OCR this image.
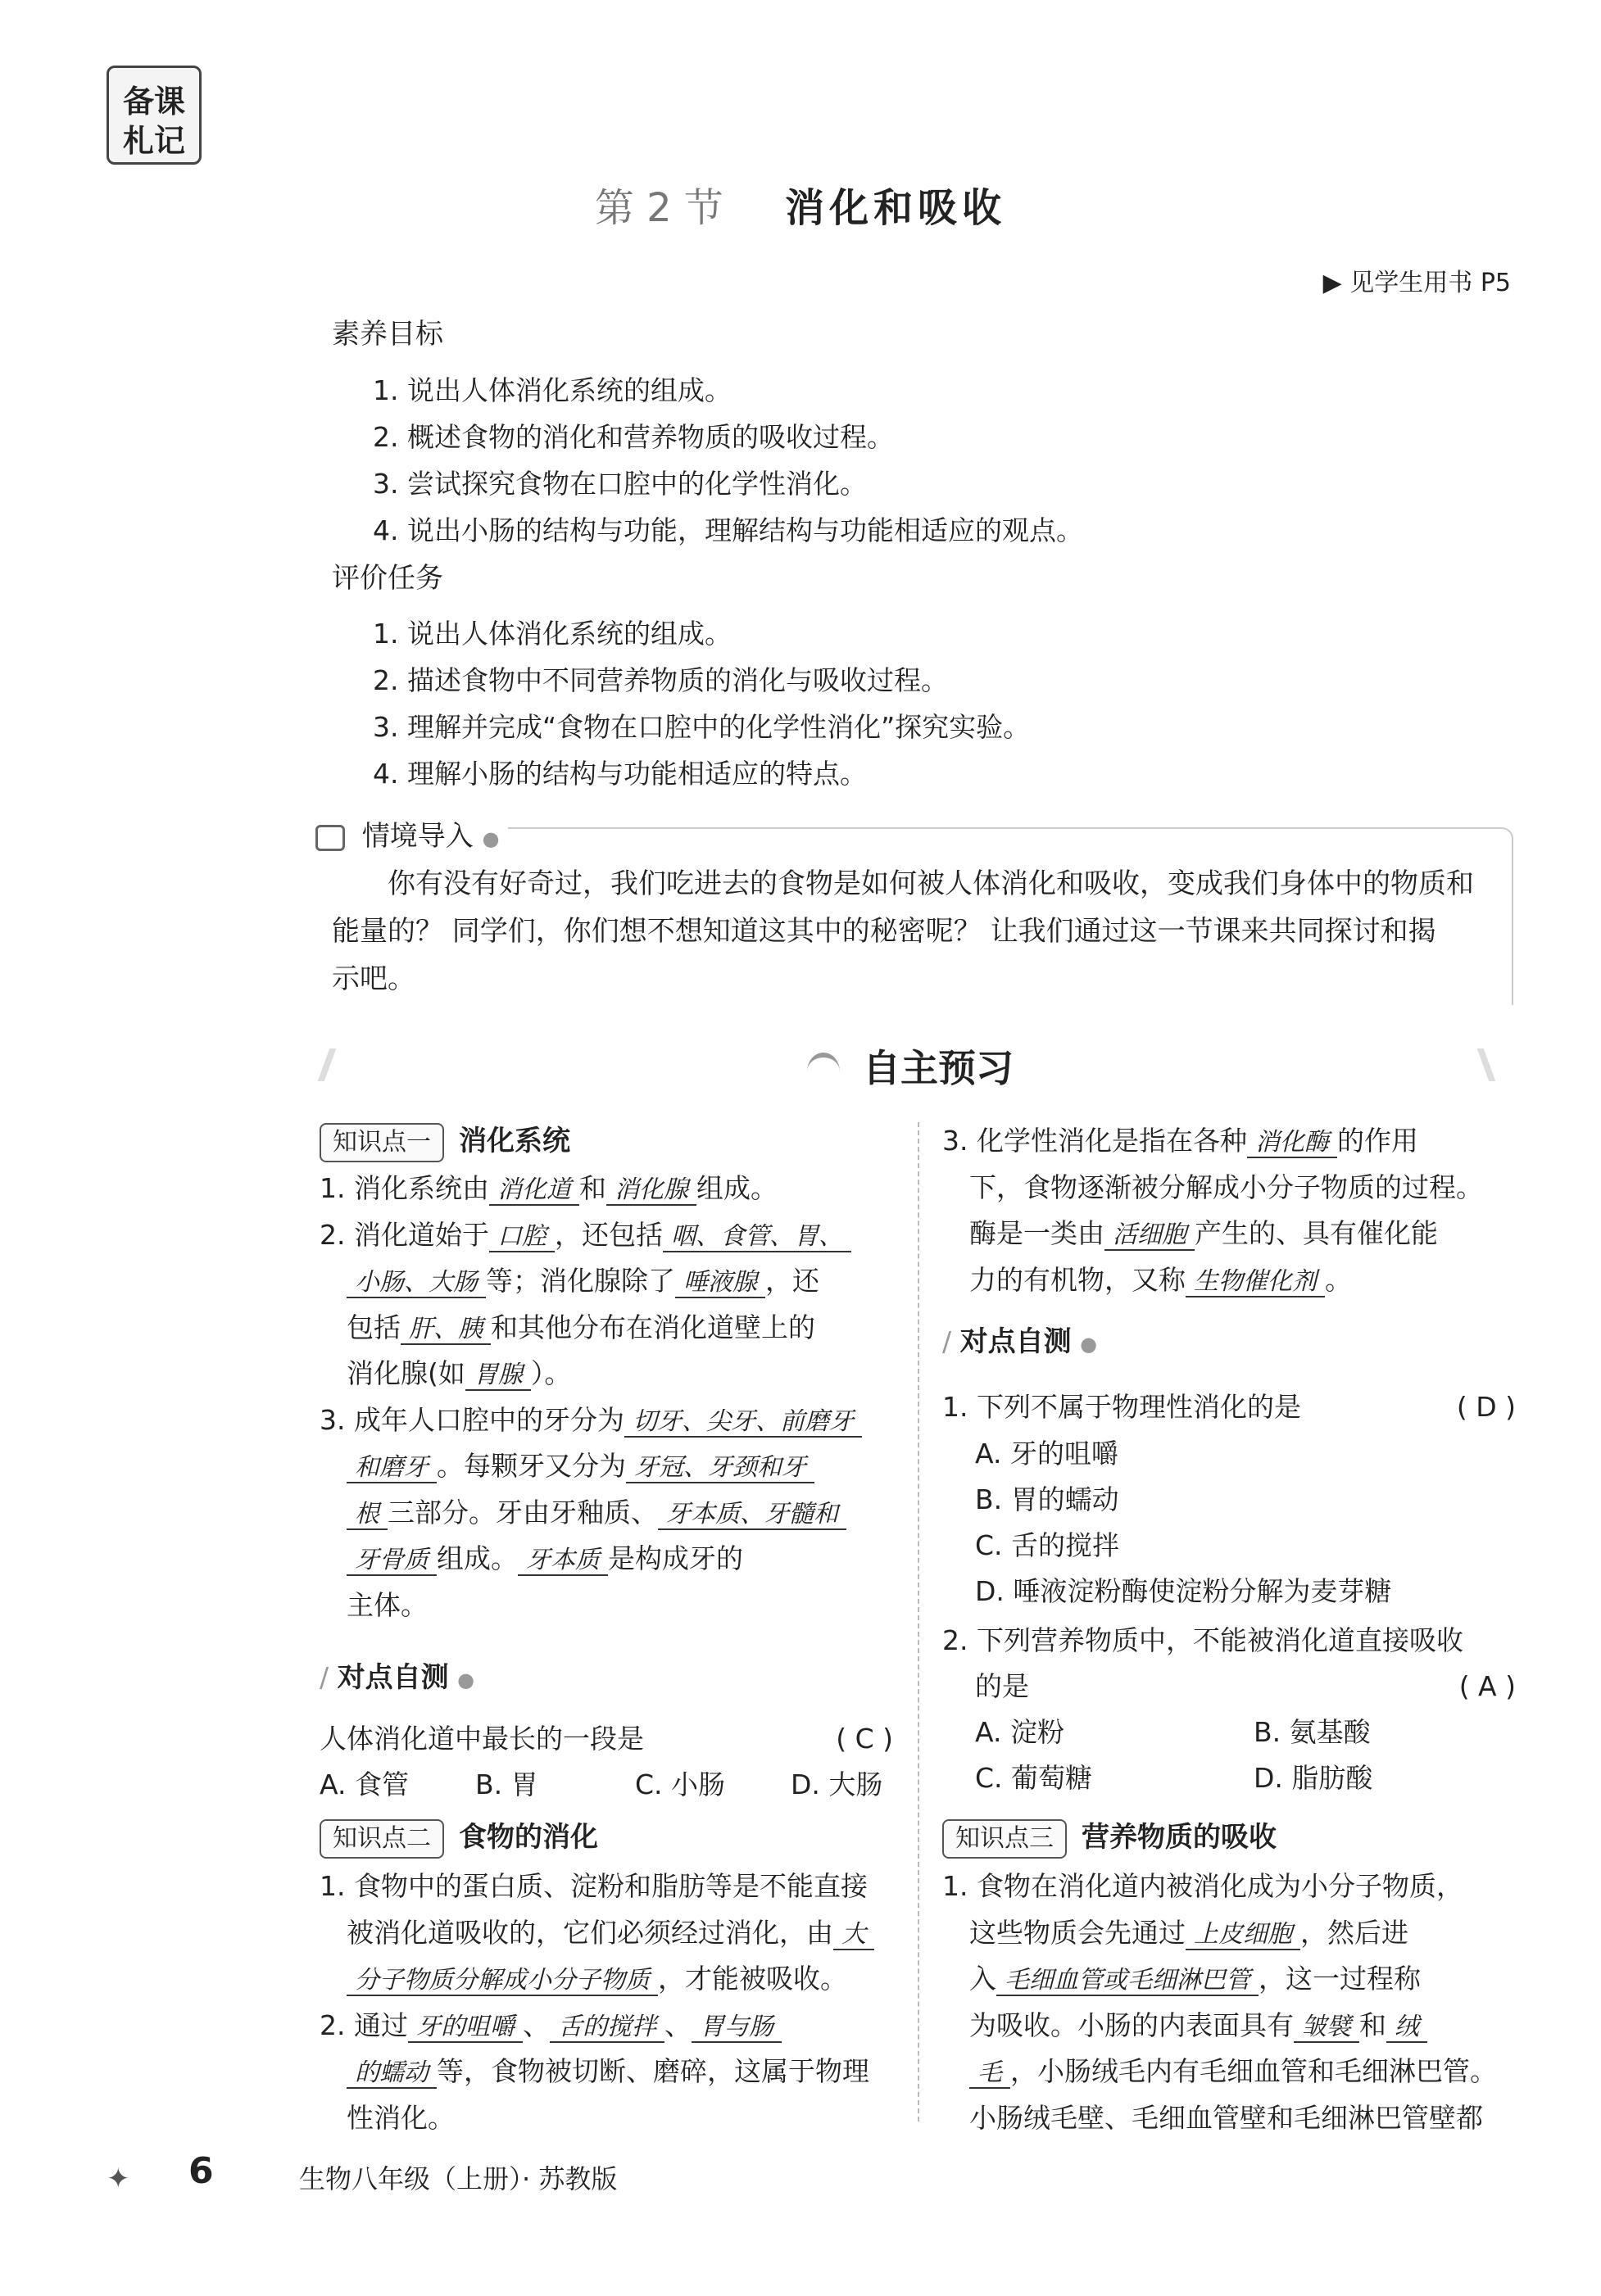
备课
札记
第 2 节 消化和吸收
▶ 见学生用书 P5
素养目标
1. 说出人体消化系统的组成。
2. 概述食物的消化和营养物质的吸收过程。
3. 尝试探究食物在口腔中的化学性消化。
4. 说出小肠的结构与功能，理解结构与功能相适应的观点。
评价任务
1. 说出人体消化系统的组成。
2. 描述食物中不同营养物质的消化与吸收过程。
3. 理解并完成“食物在口腔中的化学性消化”探究实验。
4. 理解小肠的结构与功能相适应的特点。
情境导入 ●
你有没有好奇过，我们吃进去的食物是如何被人体消化和吸收，变成我们身体中的物质和
能量的？ 同学们，你们想不想知道这其中的秘密呢？ 让我们通过这一节课来共同探讨和揭
示吧。
自主预习
知识点一 消化系统
1. 消化系统由 消化道 和 消化腺 组成。
2. 消化道始于 口腔 ，还包括 咽、食管、胃、
　小肠、大肠 等；消化腺除了 唾液腺 ，还
　包括 肝、胰 和其他分布在消化道壁上的
　消化腺(如 胃腺 ）。
3. 成年人口腔中的牙分为 切牙、尖牙、前磨牙
　和磨牙 。每颗牙又分为 牙冠、牙颈和牙
　根 三部分。牙由牙釉质、 牙本质、牙髓和
　牙骨质 组成。 牙本质 是构成牙的
　主体。
∕ 对点自测 ●
人体消化道中最长的一段是	( C )
A. 食管 B. 胃	C. 小肠 D. 大肠
知识点二 食物的消化
1. 食物中的蛋白质、淀粉和脂肪等是不能直接
　被消化道吸收的，它们必须经过消化，由 大
　分子物质分解成小分子物质 ，才能被吸收。
2. 通过 牙的咀嚼 、 舌的搅拌 、 胃与肠
　的蠕动 等，食物被切断、磨碎，这属于物理
　性消化。
3. 化学性消化是指在各种 消化酶 的作用
　下，食物逐渐被分解成小分子物质的过程。
　酶是一类由 活细胞 产生的、具有催化能
　力的有机物，又称 生物催化剂 。
∕ 对点自测 ●
1. 下列不属于物理性消化的是	( D )
A. 牙的咀嚼
B. 胃的蠕动
C. 舌的搅拌
D. 唾液淀粉酶使淀粉分解为麦芽糖
2. 下列营养物质中，不能被消化道直接吸收
的是	( A )
A. 淀粉	B. 氨基酸
C. 葡萄糖	D. 脂肪酸
知识点三 营养物质的吸收
1. 食物在消化道内被消化成为小分子物质，
　这些物质会先通过 上皮细胞 ，然后进
　入 毛细血管或毛细淋巴管 ，这一过程称
　为吸收。小肠的内表面具有 皱襞 和 绒
　毛 ，小肠绒毛内有毛细血管和毛细淋巴管。
　小肠绒毛壁、毛细血管壁和毛细淋巴管壁都
✦ 6	生物八年级（上册）· 苏教版
